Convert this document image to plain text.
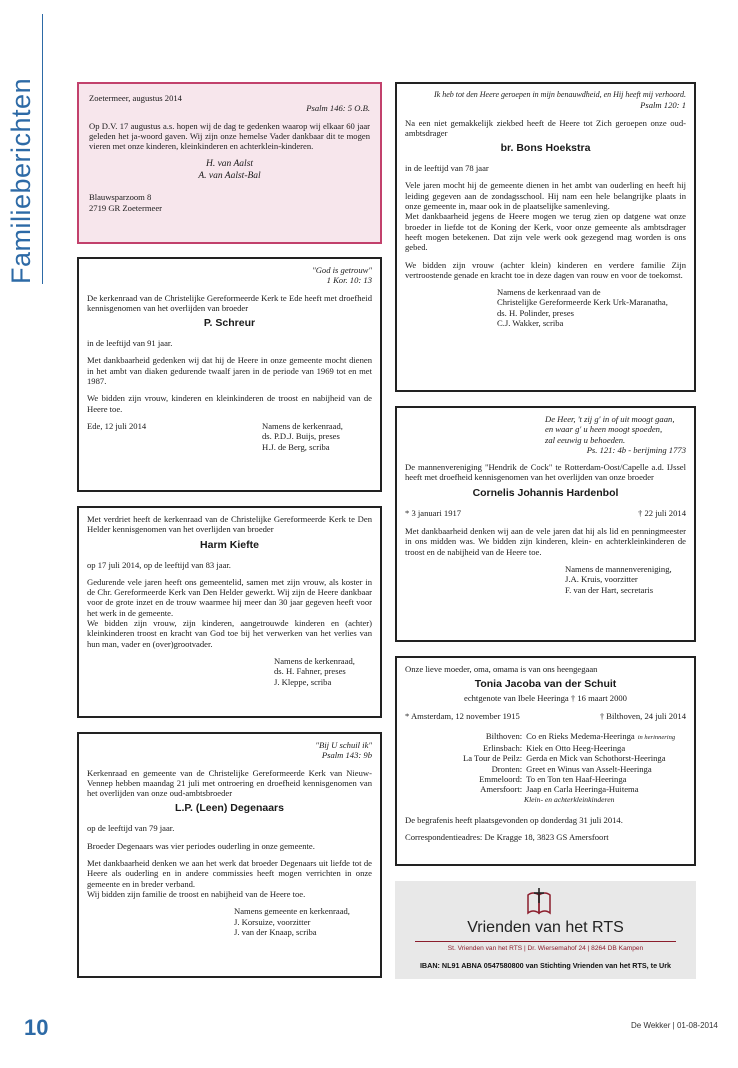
Familieberichten
10	De Wekker | 01-08-2014

Zoetermeer, augustus 2014

Psalm 146: 5 O.B.

Op D.V. 17 augustus a.s. hopen wij de dag te gedenken waarop wij elkaar 60 jaar geleden het ja-woord gaven. Wij zijn onze hemelse Vader dankbaar dit te mogen vieren met onze kinderen, kleinkinderen en achterklein-kinderen.

H. van Aalst
A. van Aalst-Bal

Blauwsparzoom 8

2719 GR Zoetermeer

"God is getrouw"

1 Kor. 10: 13

De kerkenraad van de Christelijke Gereformeerde Kerk te Ede heeft met droefheid kennisgenomen van het overlijden van broeder

P. Schreur

in de leeftijd van 91 jaar.

Met dankbaarheid gedenken wij dat hij de Heere in onze gemeente mocht dienen in het ambt van diaken gedurende twaalf jaren in de periode van 1969 tot en met 1987.

We bidden zijn vrouw, kinderen en kleinkinderen de troost en nabijheid van de Heere toe.

Ede, 12 juli 2014	Namens de kerkenraad,
ds. P.D.J. Buijs, preses
H.J. de Berg, scriba

Met verdriet heeft de kerkenraad van de Christelijke Gereformeerde Kerk te Den Helder kennisgenomen van het overlijden van broeder

Harm Kiefte

op 17 juli 2014, op de leeftijd van 83 jaar.

Gedurende vele jaren heeft ons gemeentelid, samen met zijn vrouw, als koster in de Chr. Gereformeerde Kerk van Den Helder gewerkt. Wij zijn de Heere dankbaar voor de grote inzet en de trouw waarmee hij meer dan 30 jaar gegeven heeft voor het werk in de gemeente.

We bidden zijn vrouw, zijn kinderen, aangetrouwde kinderen en (achter) kleinkinderen troost en kracht van God toe bij het verwerken van het verlies van hun man, vader en (over)grootvader.

Namens de kerkenraad,
ds. H. Fahner, preses
J. Kleppe, scriba

"Bij U schuil ik"

Psalm 143: 9b

Kerkenraad en gemeente van de Christelijke Gereformeerde Kerk van Nieuw-Vennep hebben maandag 21 juli met ontroering en droefheid kennisgenomen van het overlijden van onze oud-ambtsbroeder

L.P. (Leen) Degenaars

op de leeftijd van 79 jaar.

Broeder Degenaars was vier periodes ouderling in onze gemeente.

Met dankbaarheid denken we aan het werk dat broeder Degenaars uit liefde tot de Heere als ouderling en in andere commissies heeft mogen verrichten in onze gemeente en in breder verband.

Wij bidden zijn familie de troost en nabijheid van de Heere toe.

Namens gemeente en kerkenraad,
J. Korsuize, voorzitter
J. van der Knaap, scriba

Ik heb tot den Heere geroepen in mijn benauwdheid, en Hij heeft mij verhoord.

Psalm 120: 1

Na een niet gemakkelijk ziekbed heeft de Heere tot Zich geroepen onze oud-ambtsdrager

br. Bons Hoekstra

in de leeftijd van 78 jaar

Vele jaren mocht hij de gemeente dienen in het ambt van ouderling en heeft hij leiding gegeven aan de zondagsschool. Hij nam een hele belangrijke plaats in onze gemeente in, maar ook in de plaatselijke samenleving.

Met dankbaarheid jegens de Heere mogen we terug zien op datgene wat onze broeder in liefde tot de Koning der Kerk, voor onze gemeente als ambtsdrager heeft mogen betekenen. Dat zijn vele werk ook gezegend mag worden is ons gebed.

We bidden zijn vrouw (achter klein) kinderen en verdere familie Zijn vertroostende genade en kracht toe in deze dagen van rouw en voor de toekomst.

Namens de kerkenraad van de
Christelijke Gereformeerde Kerk Urk-Maranatha,
ds. H. Polinder, preses
C.J. Wakker, scriba
De Heer, 't zij g' in of uit moogt gaan,
en waar g' u heen moogt spoeden,
zal eeuwig u behoeden.

Ps. 121: 4b - berijming 1773

De mannenvereniging "Hendrik de Cock" te Rotterdam-Oost/Capelle a.d. IJssel heeft met droefheid kennisgenomen van het overlijden van onze broeder

Cornelis Johannis Hardenbol
* 3 januari 1917	† 22 juli 2014

Met dankbaarheid denken wij aan de vele jaren dat hij als lid en penningmeester in ons midden was. We bidden zijn kinderen, klein- en achterkleinkinderen de troost en de nabijheid van de Heere toe.

Namens de mannenvereniging,
J.A. Kruis, voorzitter
F. van der Hart, secretaris

Onze lieve moeder, oma, omama is van ons heengegaan

Tonia Jacoba van der Schuit

echtgenote van Ibele Heeringa † 16 maart 2000

* Amsterdam, 12 november 1915	† Bilthoven, 24 juli 2014
Bilthoven:	Co en Rieks Medema-Heeringa in herinnering
Erlinsbach:	Kiek en Otto Heeg-Heeringa
La Tour de Peilz:	Gerda en Mick van Schothorst-Heeringa
Dronten:	Greet en Winus van Asselt-Heeringa
Emmeloord:	To en Ton ten Haaf-Heeringa
Amersfoort:	Jaap en Carla Heeringa-Huitema
Klein- en achterkleinkinderen

De begrafenis heeft plaatsgevonden op donderdag 31 juli 2014.

Correspondentieadres: De Kragge 18, 3823 GS Amersfoort

Vrienden van het RTS
St. Vrienden van het RTS | Dr. Wiersemahof 24 | 8264 DB Kampen
IBAN: NL91 ABNA 0547580800 van Stichting Vrienden van het RTS, te Urk
